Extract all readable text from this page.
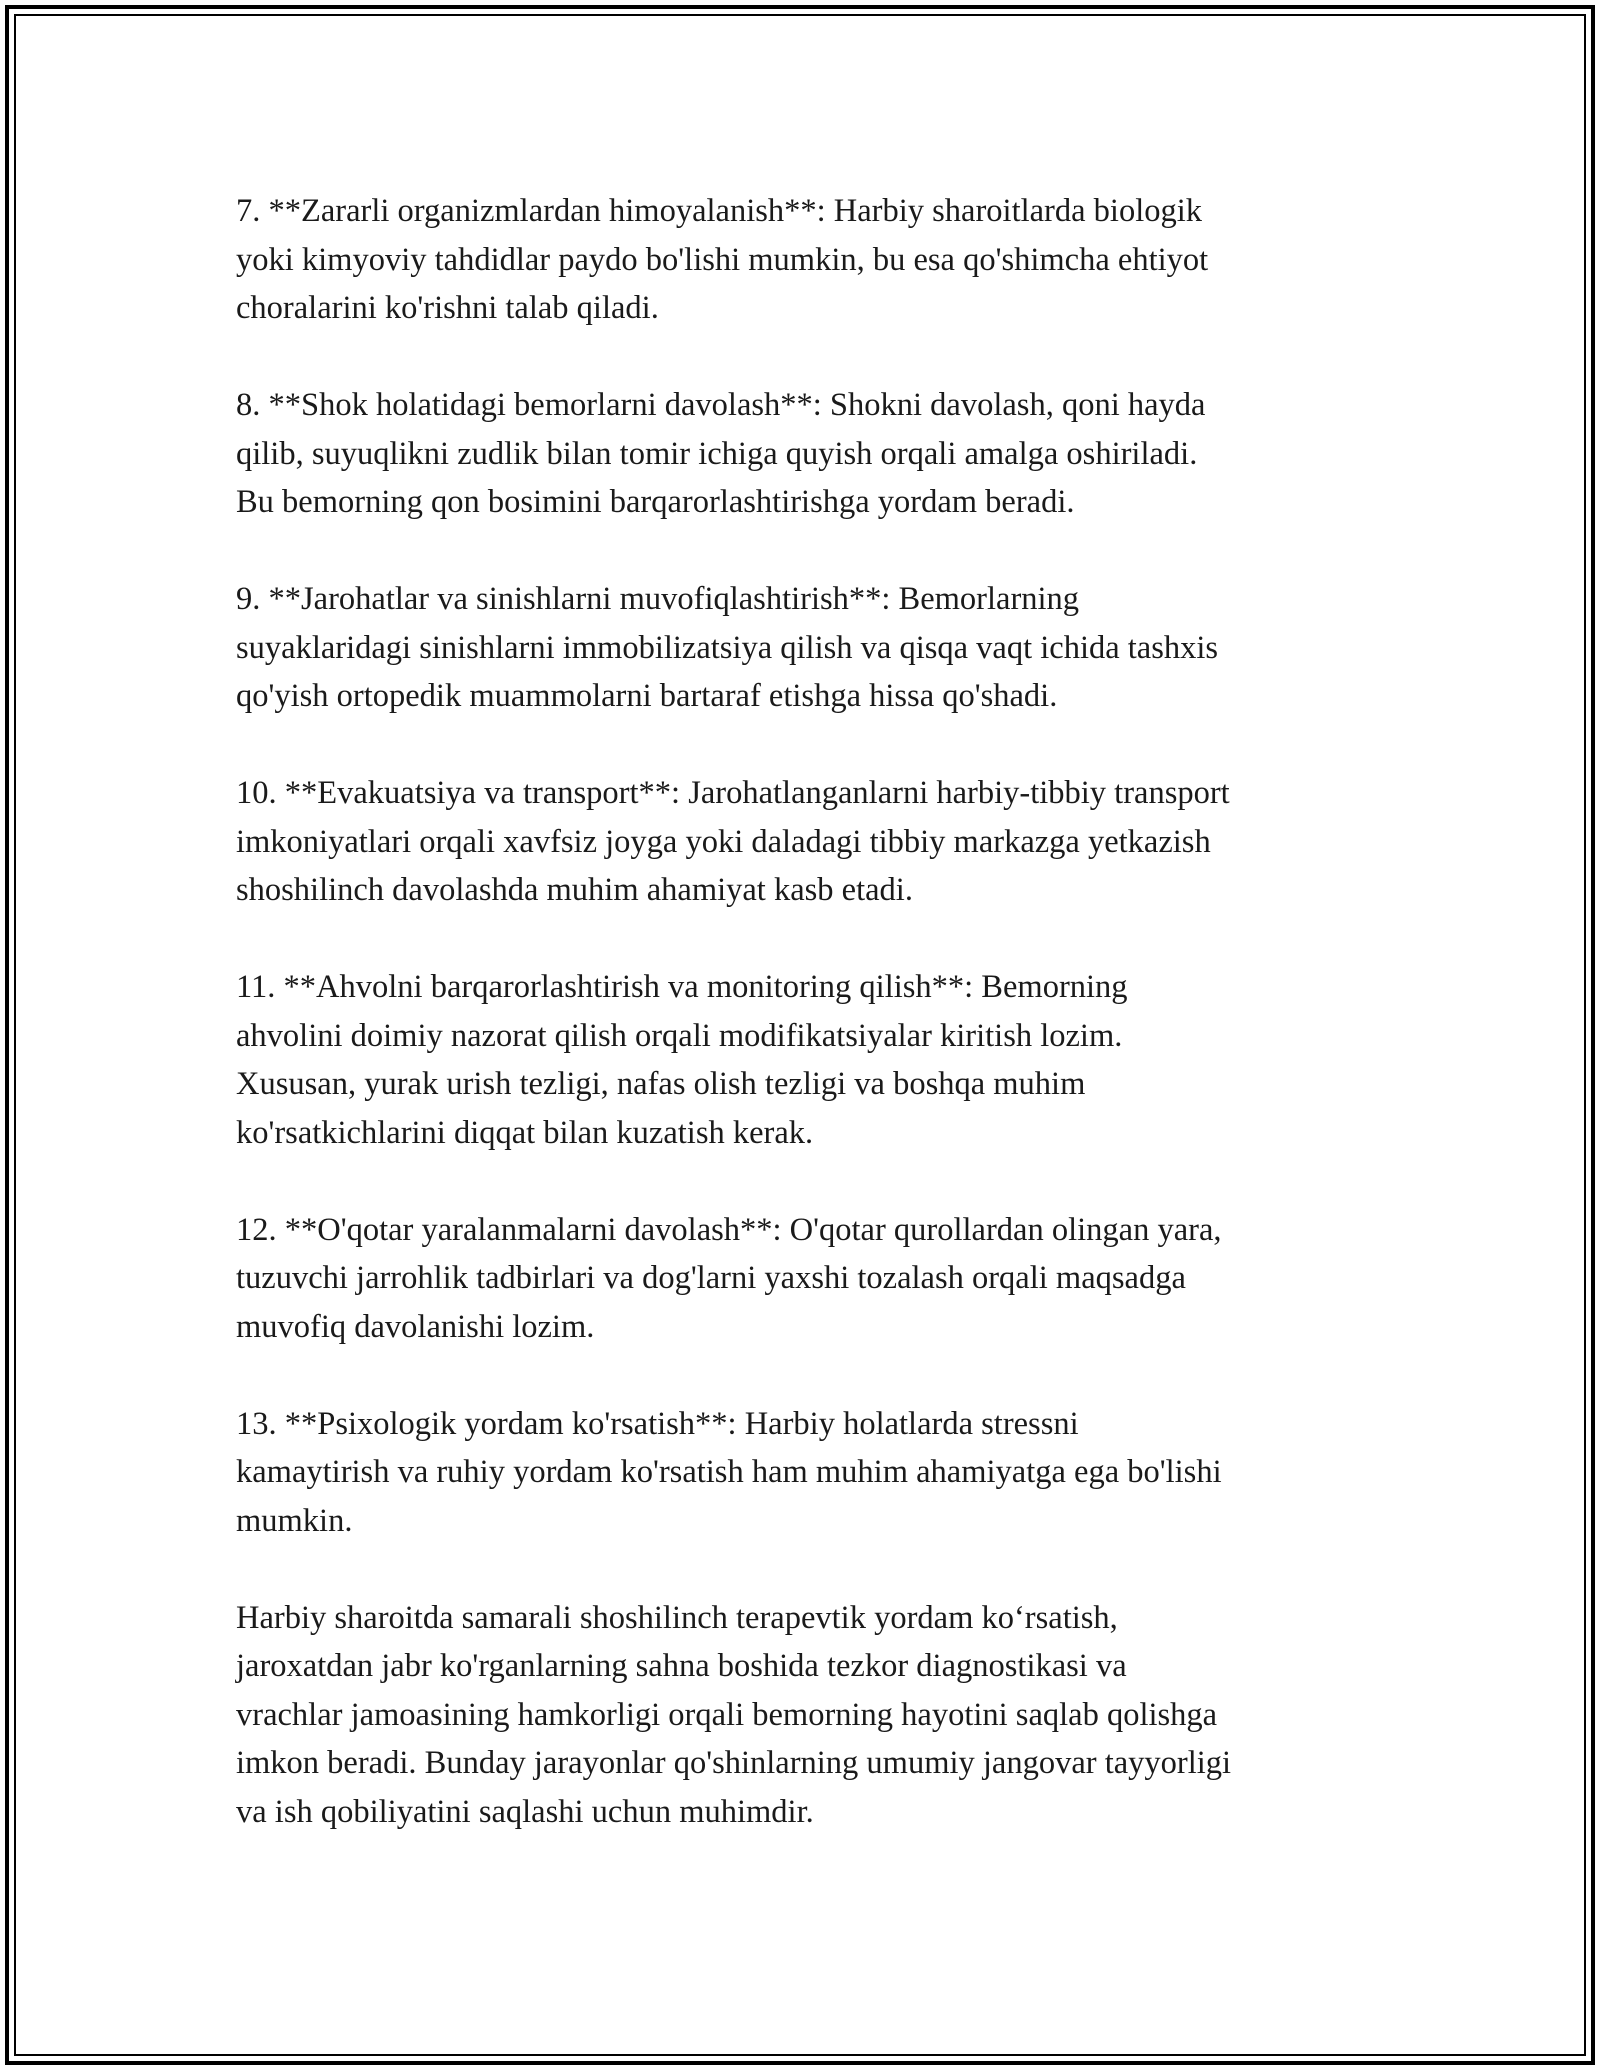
7. **Zararli organizmlardan himoyalanish**: Harbiy sharoitlarda biologik
yoki kimyoviy tahdidlar paydo bo'lishi mumkin, bu esa qo'shimcha ehtiyot
choralarini ko'rishni talab qiladi.

8. **Shok holatidagi bemorlarni davolash**: Shokni davolash, qoni hayda
qilib, suyuqlikni zudlik bilan tomir ichiga quyish orqali amalga oshiriladi.
Bu bemorning qon bosimini barqarorlashtirishga yordam beradi.

9. **Jarohatlar va sinishlarni muvofiqlashtirish**: Bemorlarning
suyaklaridagi sinishlarni immobilizatsiya qilish va qisqa vaqt ichida tashxis
qo'yish ortopedik muammolarni bartaraf etishga hissa qo'shadi.

10. **Evakuatsiya va transport**: Jarohatlanganlarni harbiy-tibbiy transport
imkoniyatlari orqali xavfsiz joyga yoki daladagi tibbiy markazga yetkazish
shoshilinch davolashda muhim ahamiyat kasb etadi.

11. **Ahvolni barqarorlashtirish va monitoring qilish**: Bemorning
ahvolini doimiy nazorat qilish orqali modifikatsiyalar kiritish lozim.
Xususan, yurak urish tezligi, nafas olish tezligi va boshqa muhim
ko'rsatkichlarini diqqat bilan kuzatish kerak.

12. **O'qotar yaralanmalarni davolash**: O'qotar qurollardan olingan yara,
tuzuvchi jarrohlik tadbirlari va dog'larni yaxshi tozalash orqali maqsadga
muvofiq davolanishi lozim.

13. **Psixologik yordam ko'rsatish**: Harbiy holatlarda stressni
kamaytirish va ruhiy yordam ko'rsatish ham muhim ahamiyatga ega bo'lishi
mumkin.

Harbiy sharoitda samarali shoshilinch terapevtik yordam ko‘rsatish,
jaroxatdan jabr ko'rganlarning sahna boshida tezkor diagnostikasi va
vrachlar jamoasining hamkorligi orqali bemorning hayotini saqlab qolishga
imkon beradi. Bunday jarayonlar qo'shinlarning umumiy jangovar tayyorligi
va ish qobiliyatini saqlashi uchun muhimdir.
